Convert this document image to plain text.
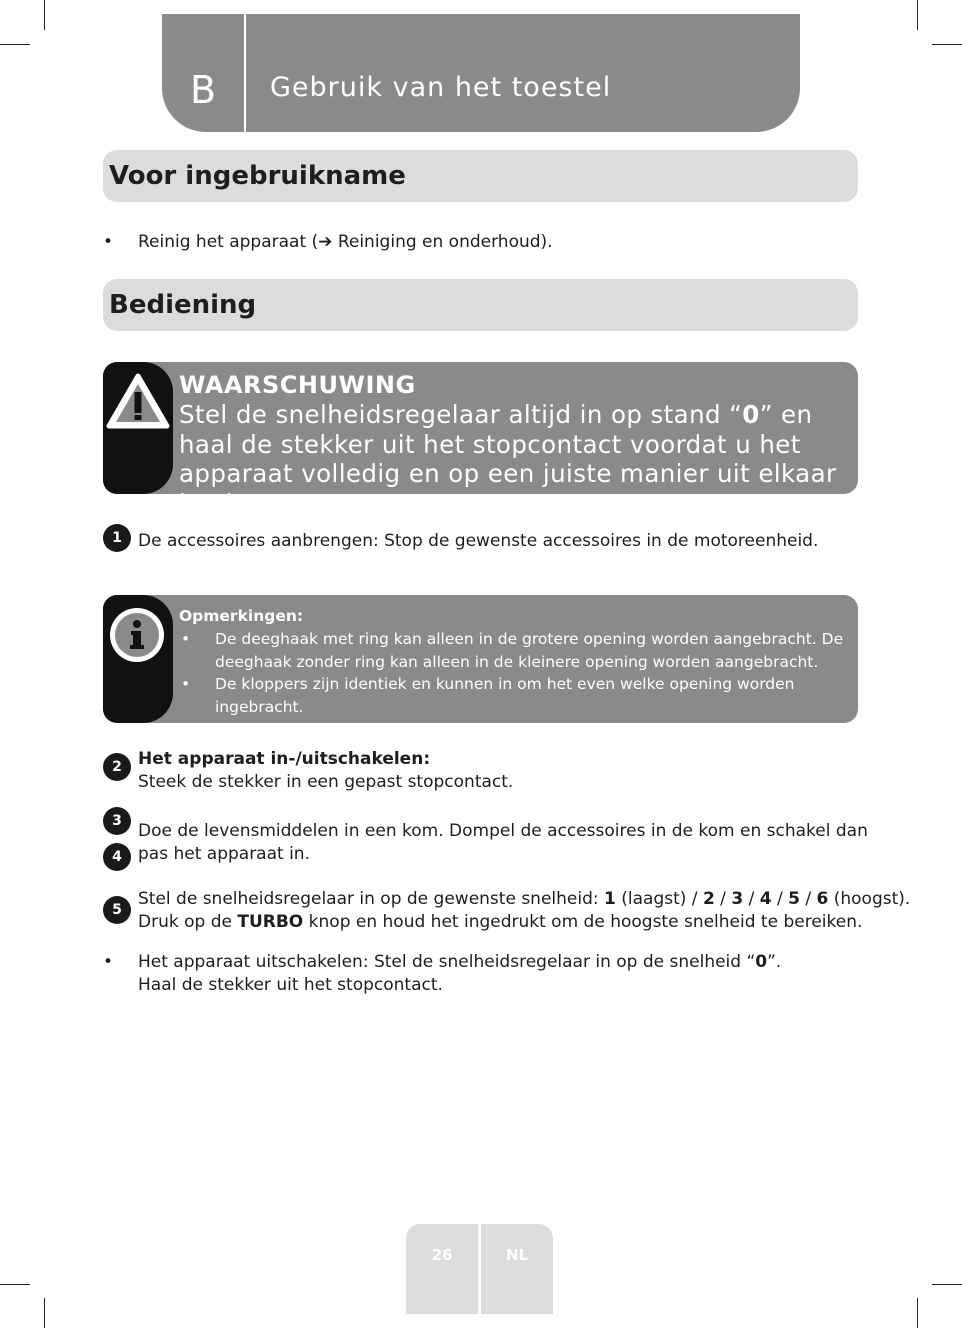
B	Gebruik van het toestel
Voor ingebruikname
• Reinig het apparaat (➔ Reiniging en onderhoud).
Bediening
WAARSCHUWING
Stel de snelheidsregelaar altijd in op stand “0” en haal de stekker uit het stopcontact voordat u het apparaat volledig en op een juiste manier uit elkaar haalt!
1 De accessoires aanbrengen: Stop de gewenste accessoires in de motoreenheid.
Opmerkingen:
• De deeghaak met ring kan alleen in de grotere opening worden aangebracht. De deeghaak zonder ring kan alleen in de kleinere opening worden aangebracht.
• De kloppers zijn identiek en kunnen in om het even welke opening worden ingebracht.
2 Het apparaat in-/uitschakelen:
Steek de stekker in een gepast stopcontact.
3
4
Doe de levensmiddelen in een kom. Dompel de accessoires in de kom en schakel dan
pas het apparaat in.
5
Stel de snelheidsregelaar in op de gewenste snelheid: 1 (laagst) / 2 / 3 / 4 / 5 / 6 (hoogst).
Druk op de TURBO knop en houd het ingedrukt om de hoogste snelheid te bereiken.
• Het apparaat uitschakelen: Stel de snelheidsregelaar in op de snelheid “0”.
Haal de stekker uit het stopcontact.
26	NL
